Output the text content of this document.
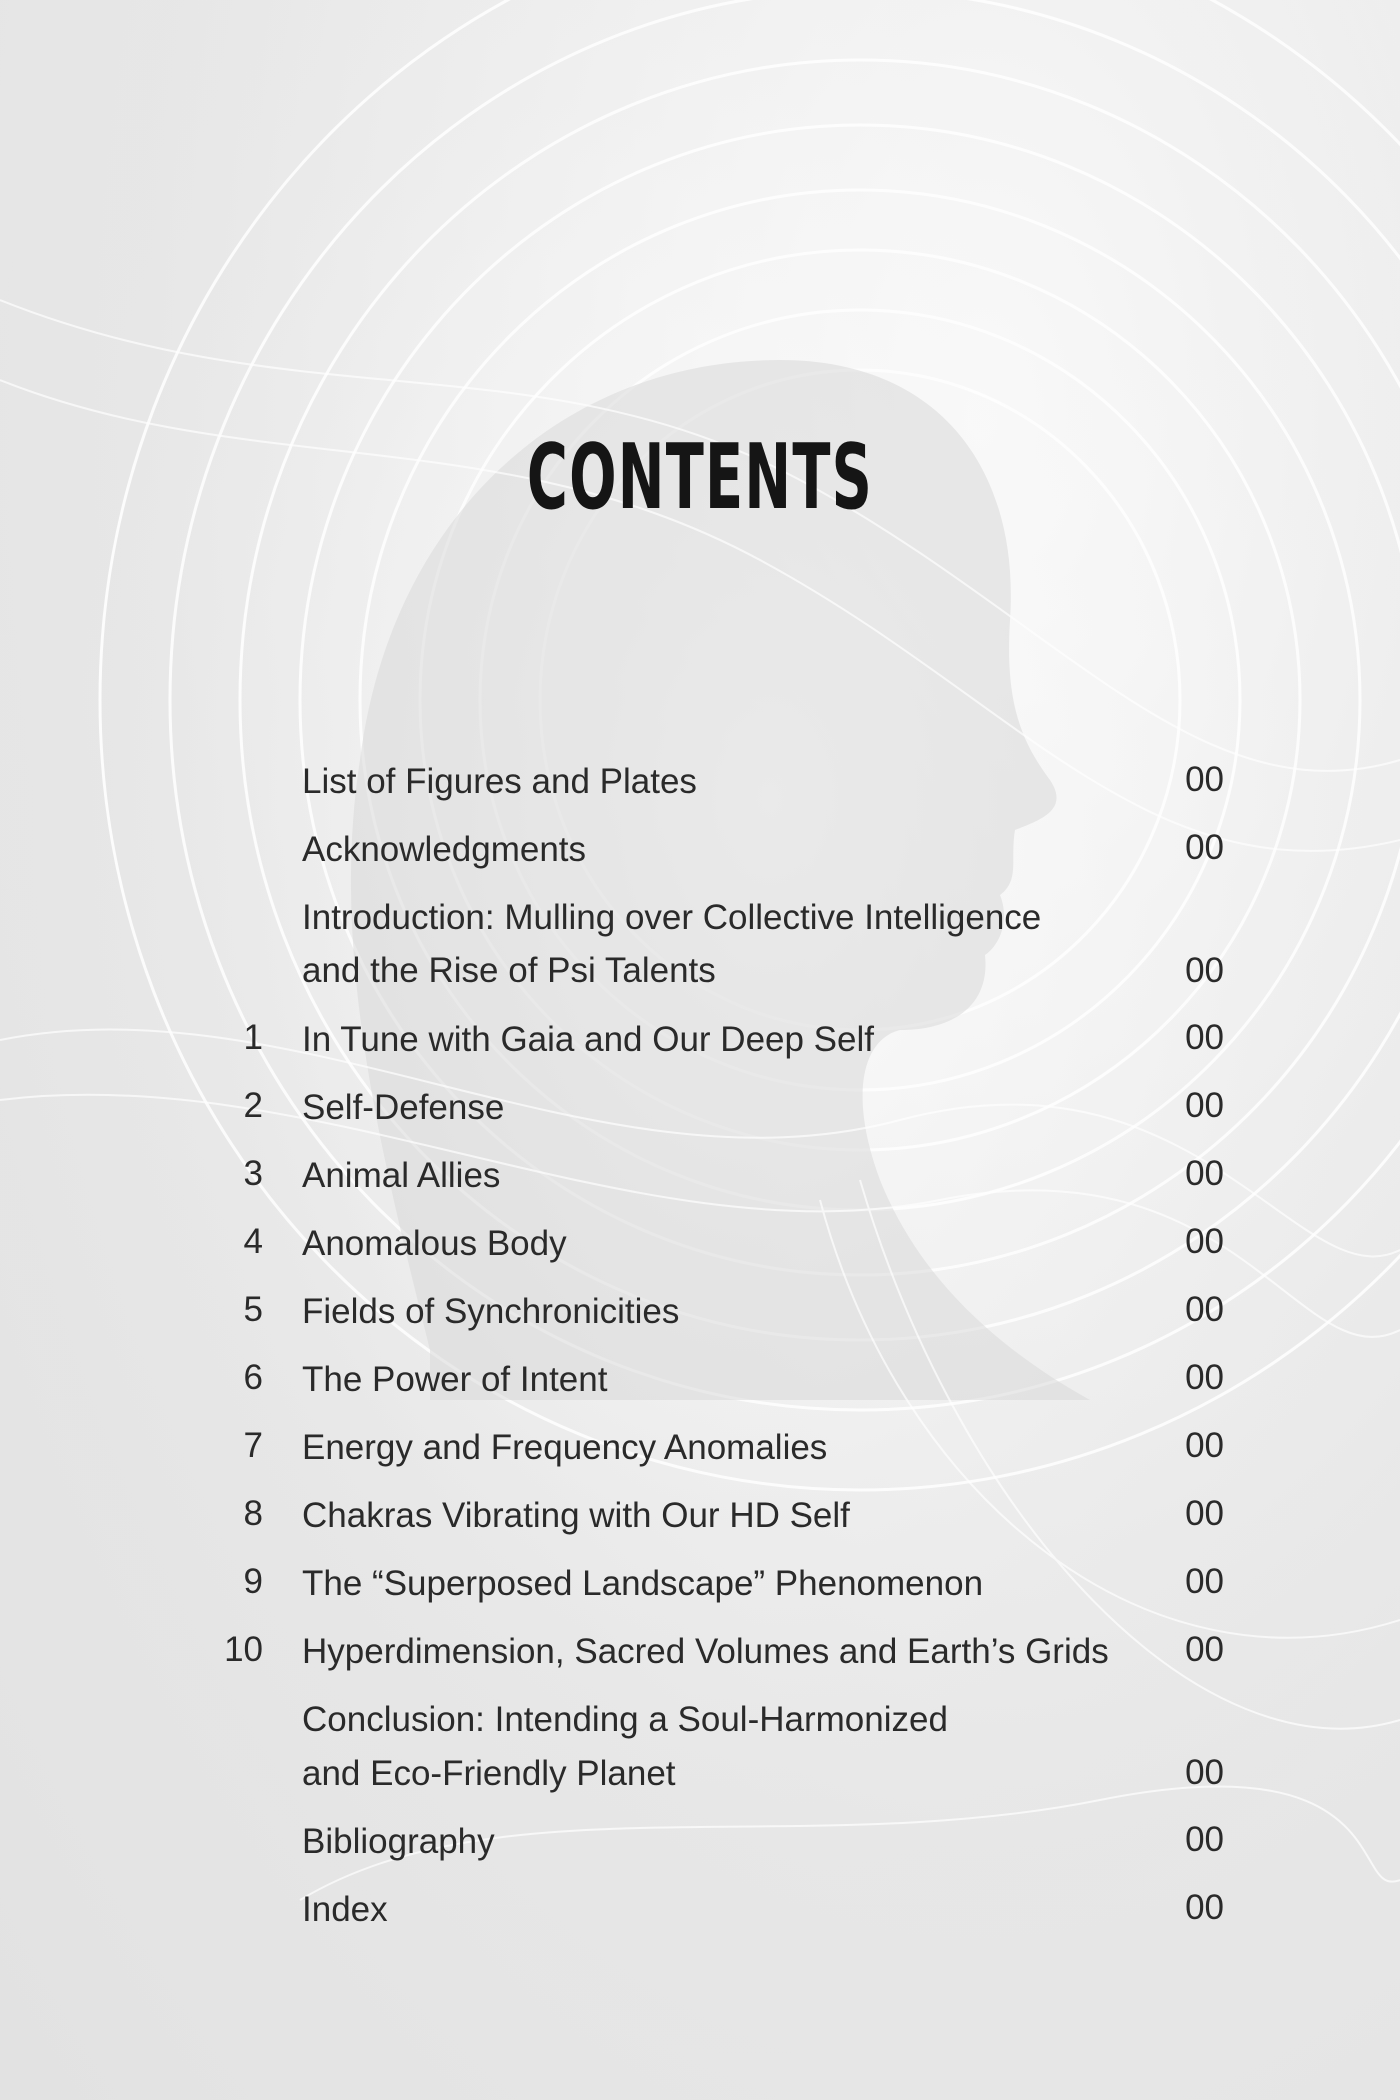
CONTENTS
List of Figures and Plates	00
Acknowledgments	00
Introduction: Mulling over Collective Intelligence
and the Rise of Psi Talents	00
1 In Tune with Gaia and Our Deep Self	00
2 Self-Defense	00
3 Animal Allies	00
4 Anomalous Body	00
5 Fields of Synchronicities	00
6 The Power of Intent	00
7 Energy and Frequency Anomalies	00
8 Chakras Vibrating with Our HD Self	00
9 The “Superposed Landscape” Phenomenon	00
10 Hyperdimension, Sacred Volumes and Earth’s Grids	00
Conclusion: Intending a Soul-Harmonized
and Eco-Friendly Planet	00
Bibliography	00
Index	00
